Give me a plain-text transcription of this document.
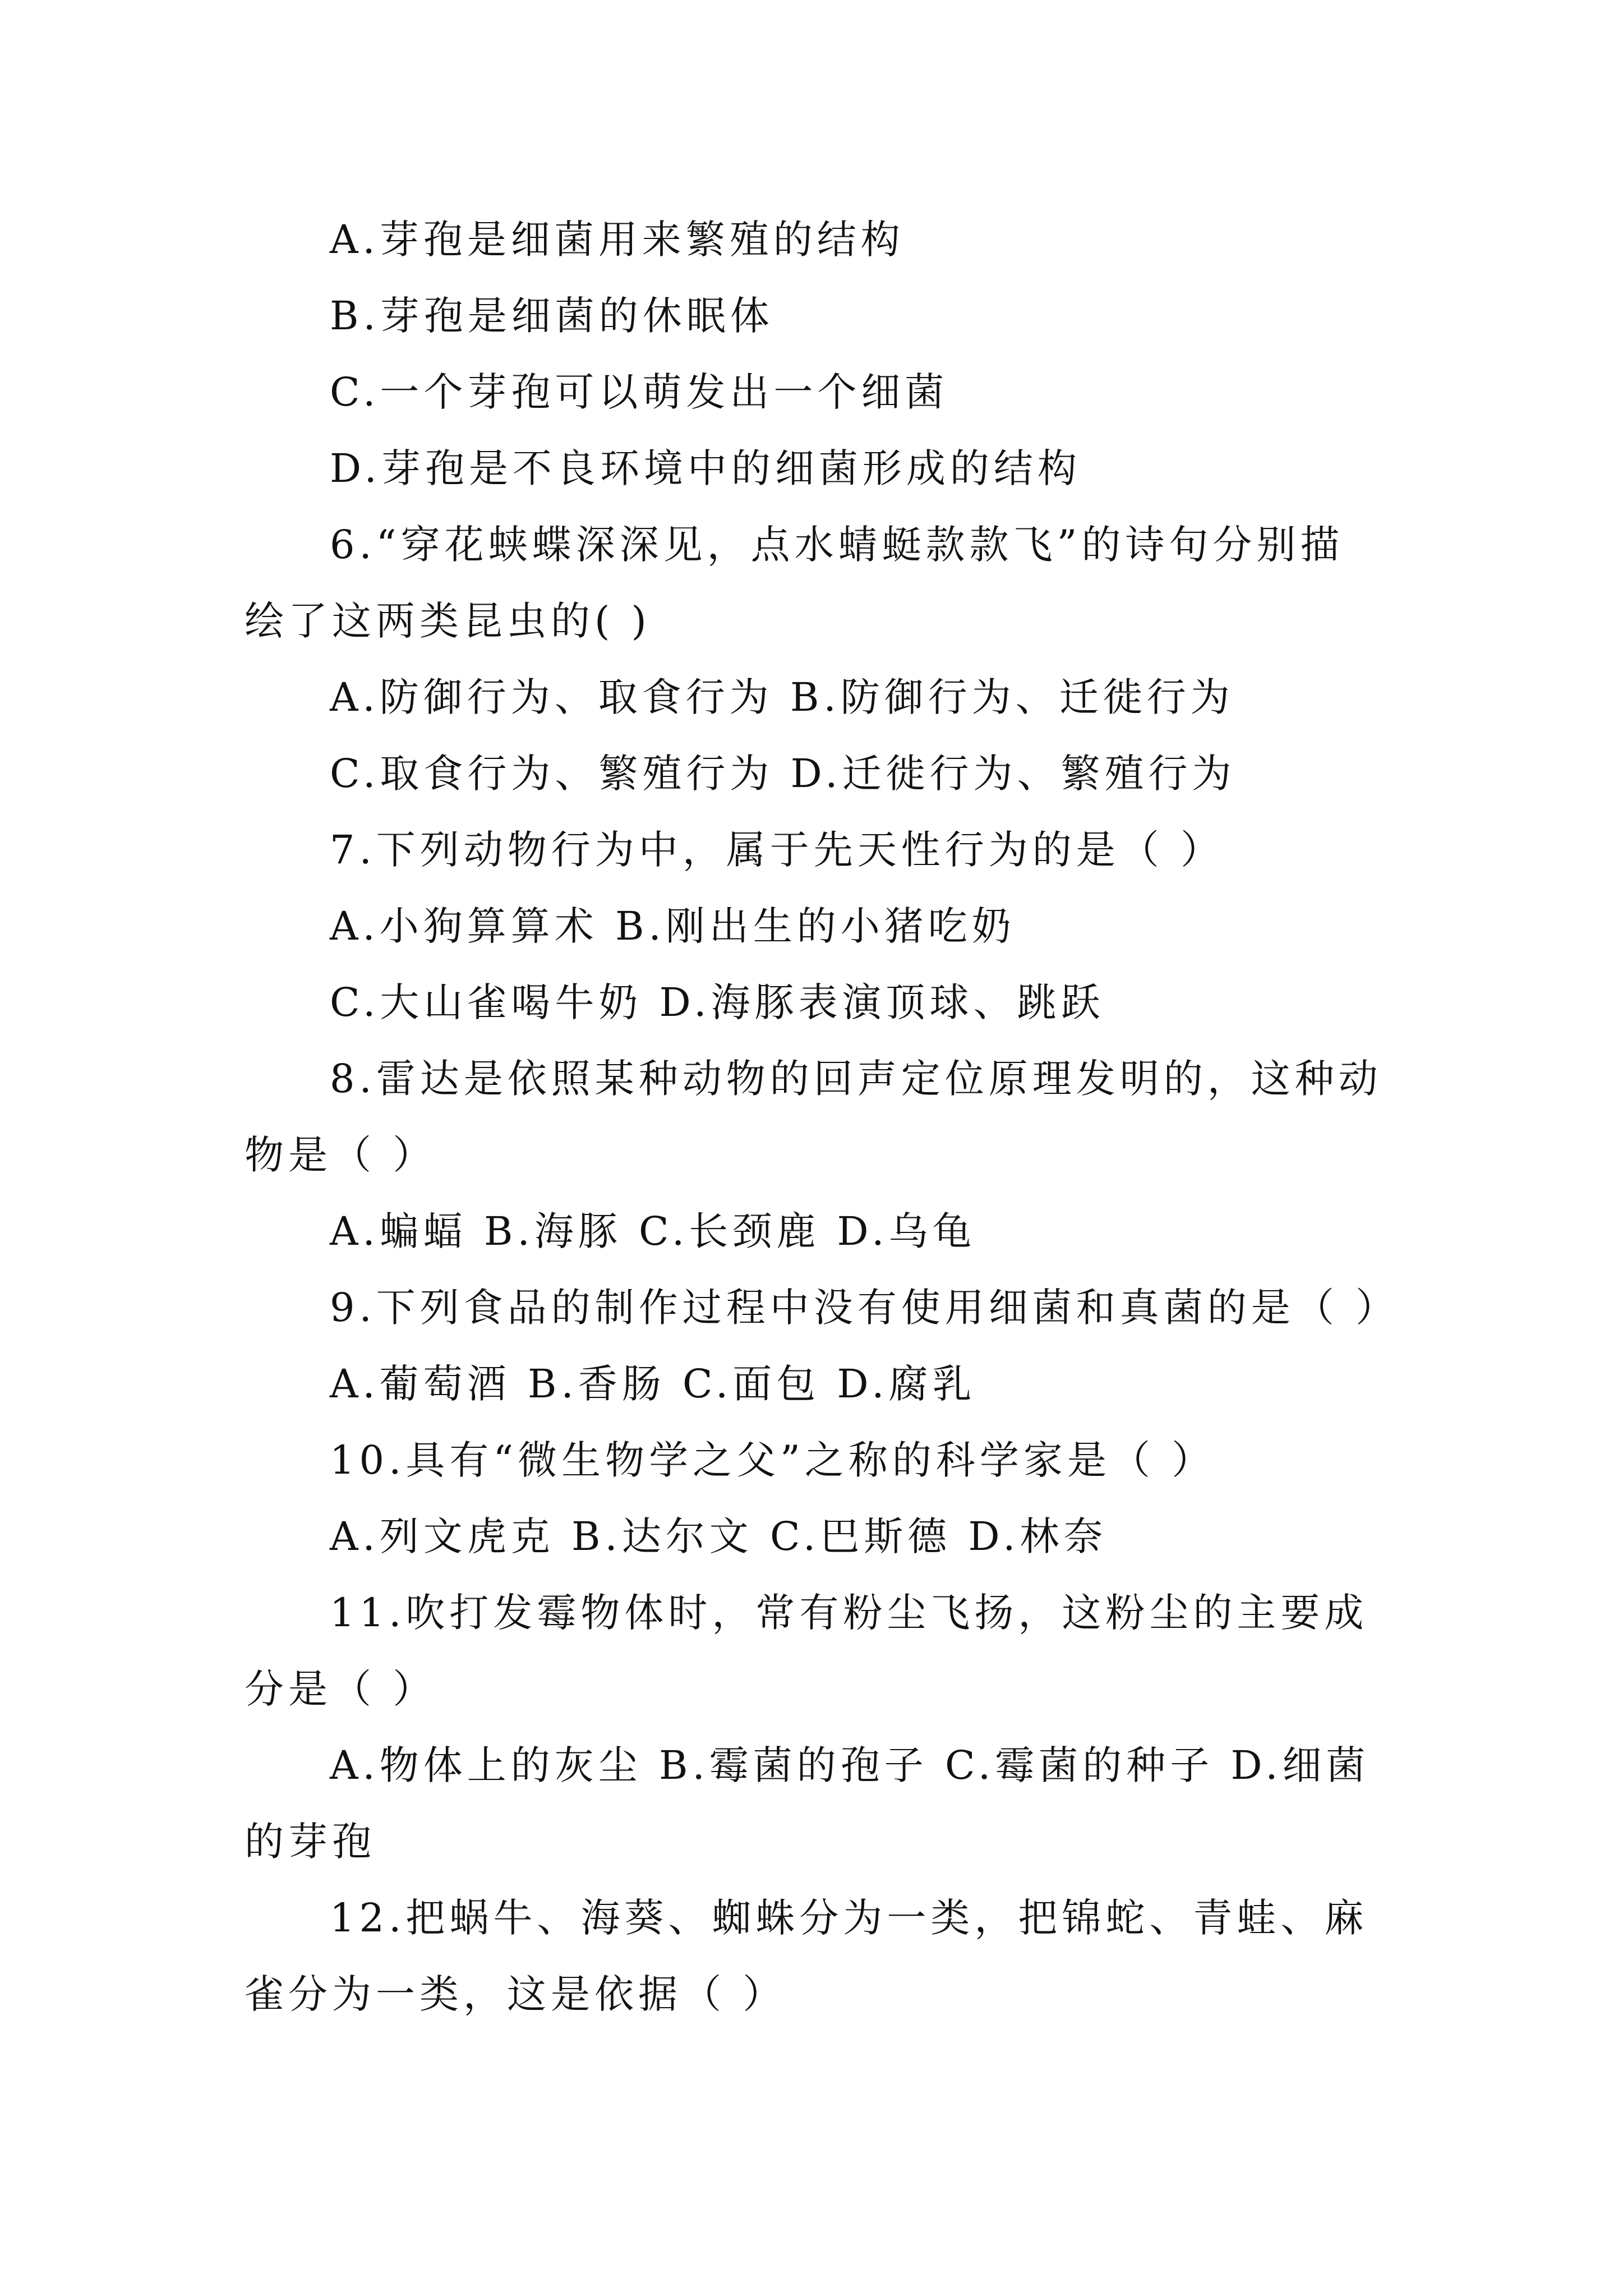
A.芽孢是细菌用来繁殖的结构
B.芽孢是细菌的休眠体
C.一个芽孢可以萌发出一个细菌
D.芽孢是不良环境中的细菌形成的结构
6.“穿花蛱蝶深深见，点水蜻蜓款款飞”的诗句分别描
绘了这两类昆虫的( )
A.防御行为、取食行为 B.防御行为、迁徙行为
C.取食行为、繁殖行为 D.迁徙行为、繁殖行为
7.下列动物行为中，属于先天性行为的是（ ）
A.小狗算算术 B.刚出生的小猪吃奶
C.大山雀喝牛奶 D.海豚表演顶球、跳跃
8.雷达是依照某种动物的回声定位原理发明的，这种动
物是（ ）
A.蝙蝠 B.海豚 C.长颈鹿 D.乌龟
9.下列食品的制作过程中没有使用细菌和真菌的是（ ）
A.葡萄酒 B.香肠 C.面包 D.腐乳
10.具有“微生物学之父”之称的科学家是（ ）
A.列文虎克 B.达尔文 C.巴斯德 D.林奈
11.吹打发霉物体时，常有粉尘飞扬，这粉尘的主要成
分是（ ）
A.物体上的灰尘 B.霉菌的孢子 C.霉菌的种子 D.细菌
的芽孢
12.把蜗牛、海葵、蜘蛛分为一类，把锦蛇、青蛙、麻
雀分为一类，这是依据（ ）
